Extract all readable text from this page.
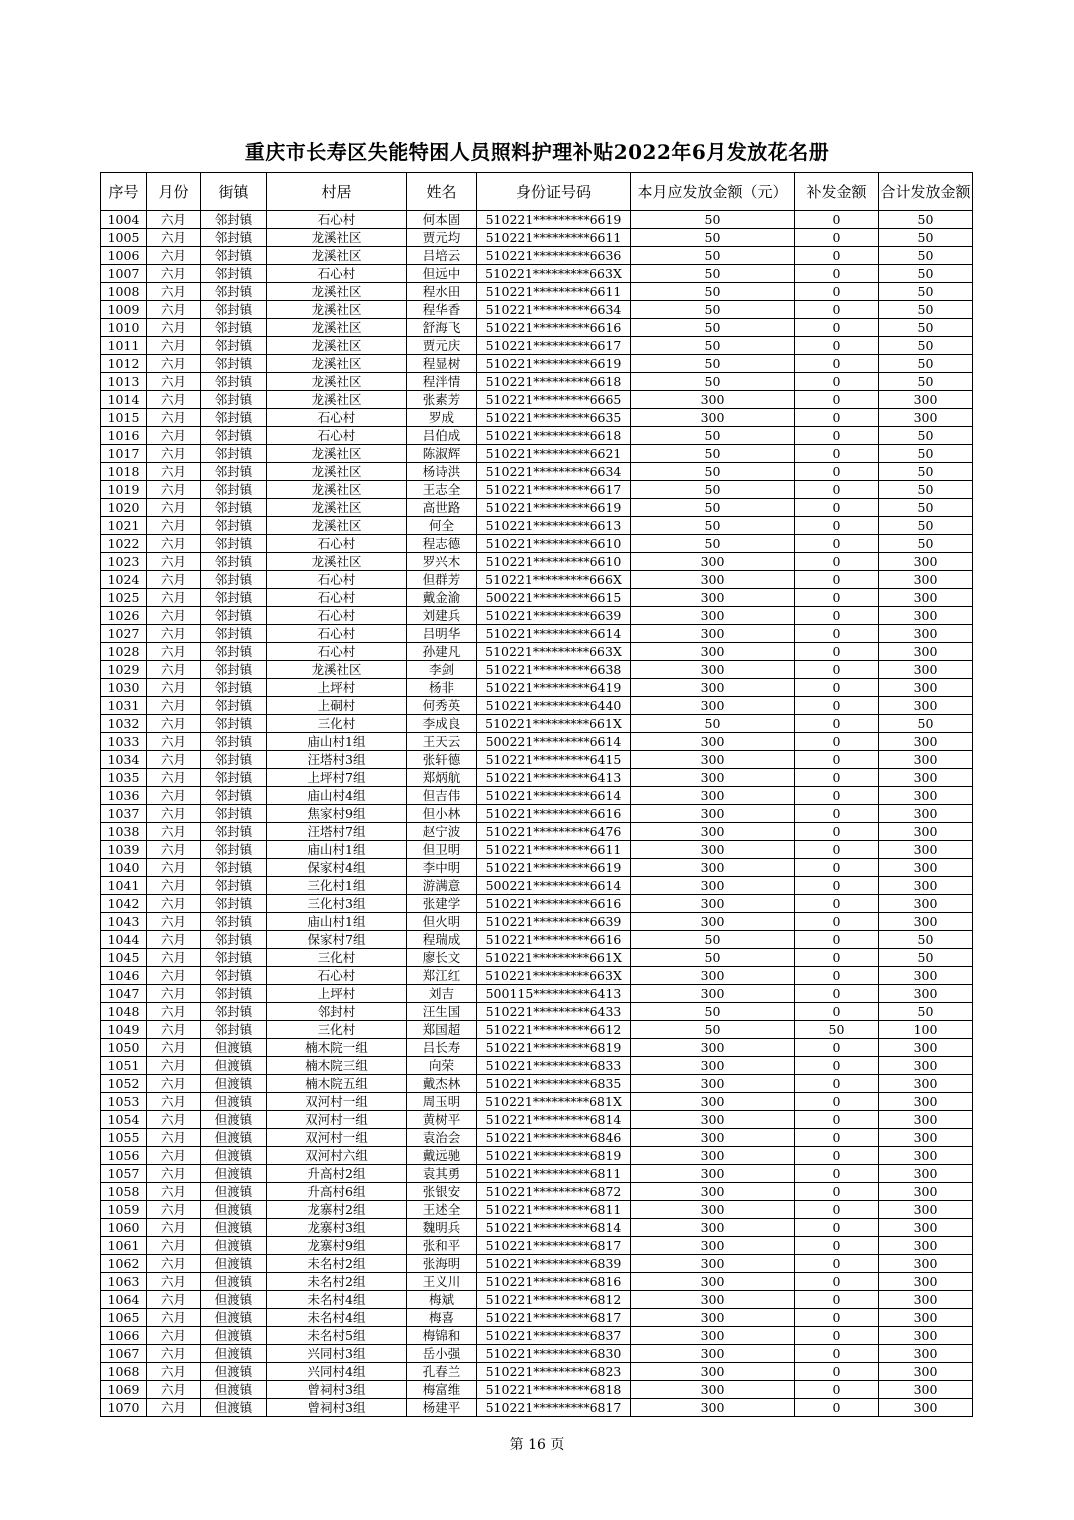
重庆市长寿区失能特困人员照料护理补贴2022年6月发放花名册
序号	月份	街镇	村居	姓名	身份证号码	本月应发放金额（元）	补发金额	合计发放金额
1004	六月	邻封镇	石心村	何本固	510221*********6619	50	0	50
1005	六月	邻封镇	龙溪社区	贾元均	510221*********6611	50	0	50
1006	六月	邻封镇	龙溪社区	吕培云	510221*********6636	50	0	50
1007	六月	邻封镇	石心村	但远中	510221*********663X	50	0	50
1008	六月	邻封镇	龙溪社区	程水田	510221*********6611	50	0	50
1009	六月	邻封镇	龙溪社区	程华香	510221*********6634	50	0	50
1010	六月	邻封镇	龙溪社区	舒海飞	510221*********6616	50	0	50
1011	六月	邻封镇	龙溪社区	贾元庆	510221*********6617	50	0	50
1012	六月	邻封镇	龙溪社区	程显树	510221*********6619	50	0	50
1013	六月	邻封镇	龙溪社区	程泮情	510221*********6618	50	0	50
1014	六月	邻封镇	龙溪社区	张素芳	510221*********6665	300	0	300
1015	六月	邻封镇	石心村	罗成	510221*********6635	300	0	300
1016	六月	邻封镇	石心村	吕伯成	510221*********6618	50	0	50
1017	六月	邻封镇	龙溪社区	陈淑辉	510221*********6621	50	0	50
1018	六月	邻封镇	龙溪社区	杨诗洪	510221*********6634	50	0	50
1019	六月	邻封镇	龙溪社区	王志全	510221*********6617	50	0	50
1020	六月	邻封镇	龙溪社区	高世路	510221*********6619	50	0	50
1021	六月	邻封镇	龙溪社区	何全	510221*********6613	50	0	50
1022	六月	邻封镇	石心村	程志德	510221*********6610	50	0	50
1023	六月	邻封镇	龙溪社区	罗兴木	510221*********6610	300	0	300
1024	六月	邻封镇	石心村	但群芳	510221*********666X	300	0	300
1025	六月	邻封镇	石心村	戴金渝	500221*********6615	300	0	300
1026	六月	邻封镇	石心村	刘建兵	510221*********6639	300	0	300
1027	六月	邻封镇	石心村	吕明华	510221*********6614	300	0	300
1028	六月	邻封镇	石心村	孙建凡	510221*********663X	300	0	300
1029	六月	邻封镇	龙溪社区	李剑	510221*********6638	300	0	300
1030	六月	邻封镇	上坪村	杨非	510221*********6419	300	0	300
1031	六月	邻封镇	上硐村	何秀英	510221*********6440	300	0	300
1032	六月	邻封镇	三化村	李成良	510221*********661X	50	0	50
1033	六月	邻封镇	庙山村1组	王天云	500221*********6614	300	0	300
1034	六月	邻封镇	汪塔村3组	张轩德	510221*********6415	300	0	300
1035	六月	邻封镇	上坪村7组	郑炳航	510221*********6413	300	0	300
1036	六月	邻封镇	庙山村4组	但吉伟	510221*********6614	300	0	300
1037	六月	邻封镇	焦家村9组	但小林	510221*********6616	300	0	300
1038	六月	邻封镇	汪塔村7组	赵宁波	510221*********6476	300	0	300
1039	六月	邻封镇	庙山村1组	但卫明	510221*********6611	300	0	300
1040	六月	邻封镇	保家村4组	李中明	510221*********6619	300	0	300
1041	六月	邻封镇	三化村1组	游满意	500221*********6614	300	0	300
1042	六月	邻封镇	三化村3组	张建学	510221*********6616	300	0	300
1043	六月	邻封镇	庙山村1组	但火明	510221*********6639	300	0	300
1044	六月	邻封镇	保家村7组	程瑞成	510221*********6616	50	0	50
1045	六月	邻封镇	三化村	廖长文	510221*********661X	50	0	50
1046	六月	邻封镇	石心村	郑江红	510221*********663X	300	0	300
1047	六月	邻封镇	上坪村	刘吉	500115*********6413	300	0	300
1048	六月	邻封镇	邻封村	汪生国	510221*********6433	50	0	50
1049	六月	邻封镇	三化村	郑国超	510221*********6612	50	50	100
1050	六月	但渡镇	楠木院一组	吕长寿	510221*********6819	300	0	300
1051	六月	但渡镇	楠木院三组	向荣	510221*********6833	300	0	300
1052	六月	但渡镇	楠木院五组	戴杰林	510221*********6835	300	0	300
1053	六月	但渡镇	双河村一组	周玉明	510221*********681X	300	0	300
1054	六月	但渡镇	双河村一组	黄树平	510221*********6814	300	0	300
1055	六月	但渡镇	双河村一组	袁治会	510221*********6846	300	0	300
1056	六月	但渡镇	双河村六组	戴远驰	510221*********6819	300	0	300
1057	六月	但渡镇	升高村2组	袁其勇	510221*********6811	300	0	300
1058	六月	但渡镇	升高村6组	张银安	510221*********6872	300	0	300
1059	六月	但渡镇	龙寨村2组	王述全	510221*********6811	300	0	300
1060	六月	但渡镇	龙寨村3组	魏明兵	510221*********6814	300	0	300
1061	六月	但渡镇	龙寨村9组	张和平	510221*********6817	300	0	300
1062	六月	但渡镇	未名村2组	张海明	510221*********6839	300	0	300
1063	六月	但渡镇	未名村2组	王义川	510221*********6816	300	0	300
1064	六月	但渡镇	未名村4组	梅斌	510221*********6812	300	0	300
1065	六月	但渡镇	未名村4组	梅喜	510221*********6817	300	0	300
1066	六月	但渡镇	未名村5组	梅锦和	510221*********6837	300	0	300
1067	六月	但渡镇	兴同村3组	岳小强	510221*********6830	300	0	300
1068	六月	但渡镇	兴同村4组	孔春兰	510221*********6823	300	0	300
1069	六月	但渡镇	曾祠村3组	梅富维	510221*********6818	300	0	300
1070	六月	但渡镇	曾祠村3组	杨建平	510221*********6817	300	0	300
第 16 页
